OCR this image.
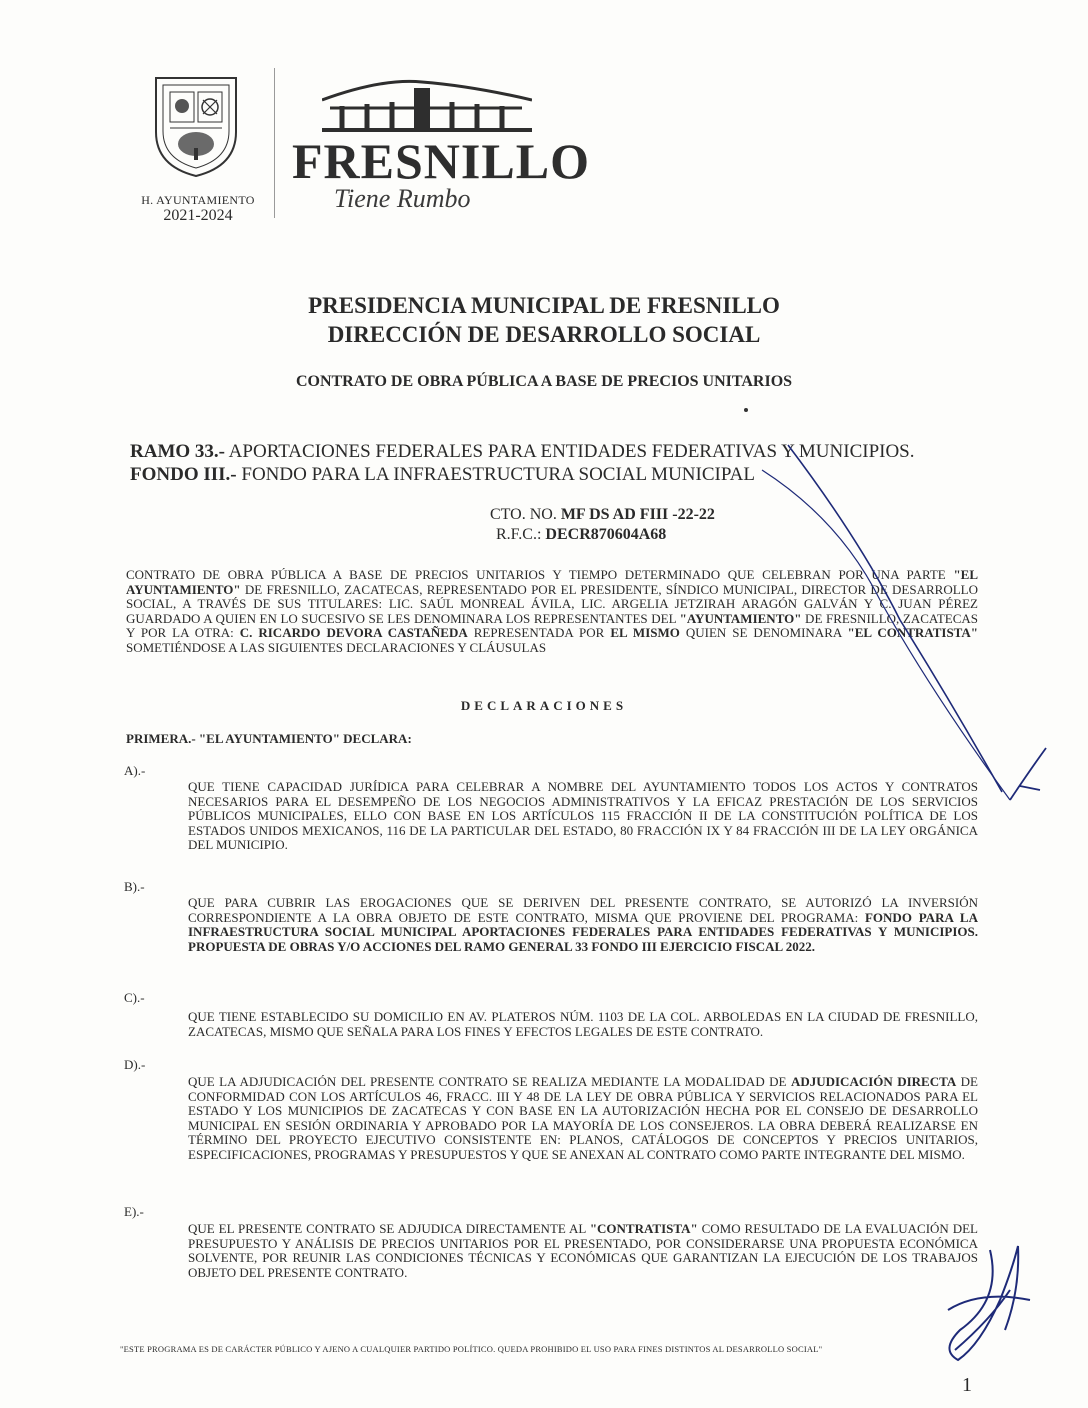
H. AYUNTAMIENTO
2021-2024
FRESNILLO
Tiene Rumbo
PRESIDENCIA MUNICIPAL DE FRESNILLO
DIRECCIÓN DE DESARROLLO SOCIAL
CONTRATO DE OBRA PÚBLICA A BASE DE PRECIOS UNITARIOS
RAMO 33.- APORTACIONES FEDERALES PARA ENTIDADES FEDERATIVAS Y MUNICIPIOS.
FONDO III.- FONDO PARA LA INFRAESTRUCTURA SOCIAL MUNICIPAL
CTO. NO. MF DS AD FIII -22-22
R.F.C.: DECR870604A68
CONTRATO DE OBRA PÚBLICA A BASE DE PRECIOS UNITARIOS Y TIEMPO DETERMINADO QUE CELEBRAN POR UNA PARTE "EL AYUNTAMIENTO" DE FRESNILLO, ZACATECAS, REPRESENTADO POR EL PRESIDENTE, SÍNDICO MUNICIPAL, DIRECTOR DE DESARROLLO SOCIAL, A TRAVÉS DE SUS TITULARES: LIC. SAÚL MONREAL ÁVILA, LIC. ARGELIA JETZIRAH ARAGÓN GALVÁN Y C. JUAN PÉREZ GUARDADO A QUIEN EN LO SUCESIVO SE LES DENOMINARA LOS REPRESENTANTES DEL "AYUNTAMIENTO" DE FRESNILLO, ZACATECAS Y POR LA OTRA: C. RICARDO DEVORA CASTAÑEDA REPRESENTADA POR EL MISMO QUIEN SE DENOMINARA "EL CONTRATISTA" SOMETIÉNDOSE A LAS SIGUIENTES DECLARACIONES Y CLÁUSULAS
DECLARACIONES
PRIMERA.- "EL AYUNTAMIENTO" DECLARA:
A).-
QUE TIENE CAPACIDAD JURÍDICA PARA CELEBRAR A NOMBRE DEL AYUNTAMIENTO TODOS LOS ACTOS Y CONTRATOS NECESARIOS PARA EL DESEMPEÑO DE LOS NEGOCIOS ADMINISTRATIVOS Y LA EFICAZ PRESTACIÓN DE LOS SERVICIOS PÚBLICOS MUNICIPALES, ELLO CON BASE EN LOS ARTÍCULOS 115 FRACCIÓN II DE LA CONSTITUCIÓN POLÍTICA DE LOS ESTADOS UNIDOS MEXICANOS, 116 DE LA PARTICULAR DEL ESTADO, 80 FRACCIÓN IX Y 84 FRACCIÓN III DE LA LEY ORGÁNICA DEL MUNICIPIO.
B).-
QUE PARA CUBRIR LAS EROGACIONES QUE SE DERIVEN DEL PRESENTE CONTRATO, SE AUTORIZÓ LA INVERSIÓN CORRESPONDIENTE A LA OBRA OBJETO DE ESTE CONTRATO, MISMA QUE PROVIENE DEL PROGRAMA: FONDO PARA LA INFRAESTRUCTURA SOCIAL MUNICIPAL APORTACIONES FEDERALES PARA ENTIDADES FEDERATIVAS Y MUNICIPIOS. PROPUESTA DE OBRAS Y/O ACCIONES DEL RAMO GENERAL 33 FONDO III EJERCICIO FISCAL 2022.
C).-
QUE TIENE ESTABLECIDO SU DOMICILIO EN AV. PLATEROS NÚM. 1103 DE LA COL. ARBOLEDAS EN LA CIUDAD DE FRESNILLO, ZACATECAS, MISMO QUE SEÑALA PARA LOS FINES Y EFECTOS LEGALES DE ESTE CONTRATO.
D).-
QUE LA ADJUDICACIÓN DEL PRESENTE CONTRATO SE REALIZA MEDIANTE LA MODALIDAD DE ADJUDICACIÓN DIRECTA DE CONFORMIDAD CON LOS ARTÍCULOS 46, FRACC. III Y 48 DE LA LEY DE OBRA PÚBLICA Y SERVICIOS RELACIONADOS PARA EL ESTADO Y LOS MUNICIPIOS DE ZACATECAS Y CON BASE EN LA AUTORIZACIÓN HECHA POR EL CONSEJO DE DESARROLLO MUNICIPAL EN SESIÓN ORDINARIA Y APROBADO POR LA MAYORÍA DE LOS CONSEJEROS. LA OBRA DEBERÁ REALIZARSE EN TÉRMINO DEL PROYECTO EJECUTIVO CONSISTENTE EN: PLANOS, CATÁLOGOS DE CONCEPTOS Y PRECIOS UNITARIOS, ESPECIFICACIONES, PROGRAMAS Y PRESUPUESTOS Y QUE SE ANEXAN AL CONTRATO COMO PARTE INTEGRANTE DEL MISMO.
E).-
QUE EL PRESENTE CONTRATO SE ADJUDICA DIRECTAMENTE AL "CONTRATISTA" COMO RESULTADO DE LA EVALUACIÓN DEL PRESUPUESTO Y ANÁLISIS DE PRECIOS UNITARIOS POR EL PRESENTADO, POR CONSIDERARSE UNA PROPUESTA ECONÓMICA SOLVENTE, POR REUNIR LAS CONDICIONES TÉCNICAS Y ECONÓMICAS QUE GARANTIZAN LA EJECUCIÓN DE LOS TRABAJOS OBJETO DEL PRESENTE CONTRATO.
"ESTE PROGRAMA ES DE CARÁCTER PÚBLICO Y AJENO A CUALQUIER PARTIDO POLÍTICO. QUEDA PROHIBIDO EL USO PARA FINES DISTINTOS AL DESARROLLO SOCIAL"
1
